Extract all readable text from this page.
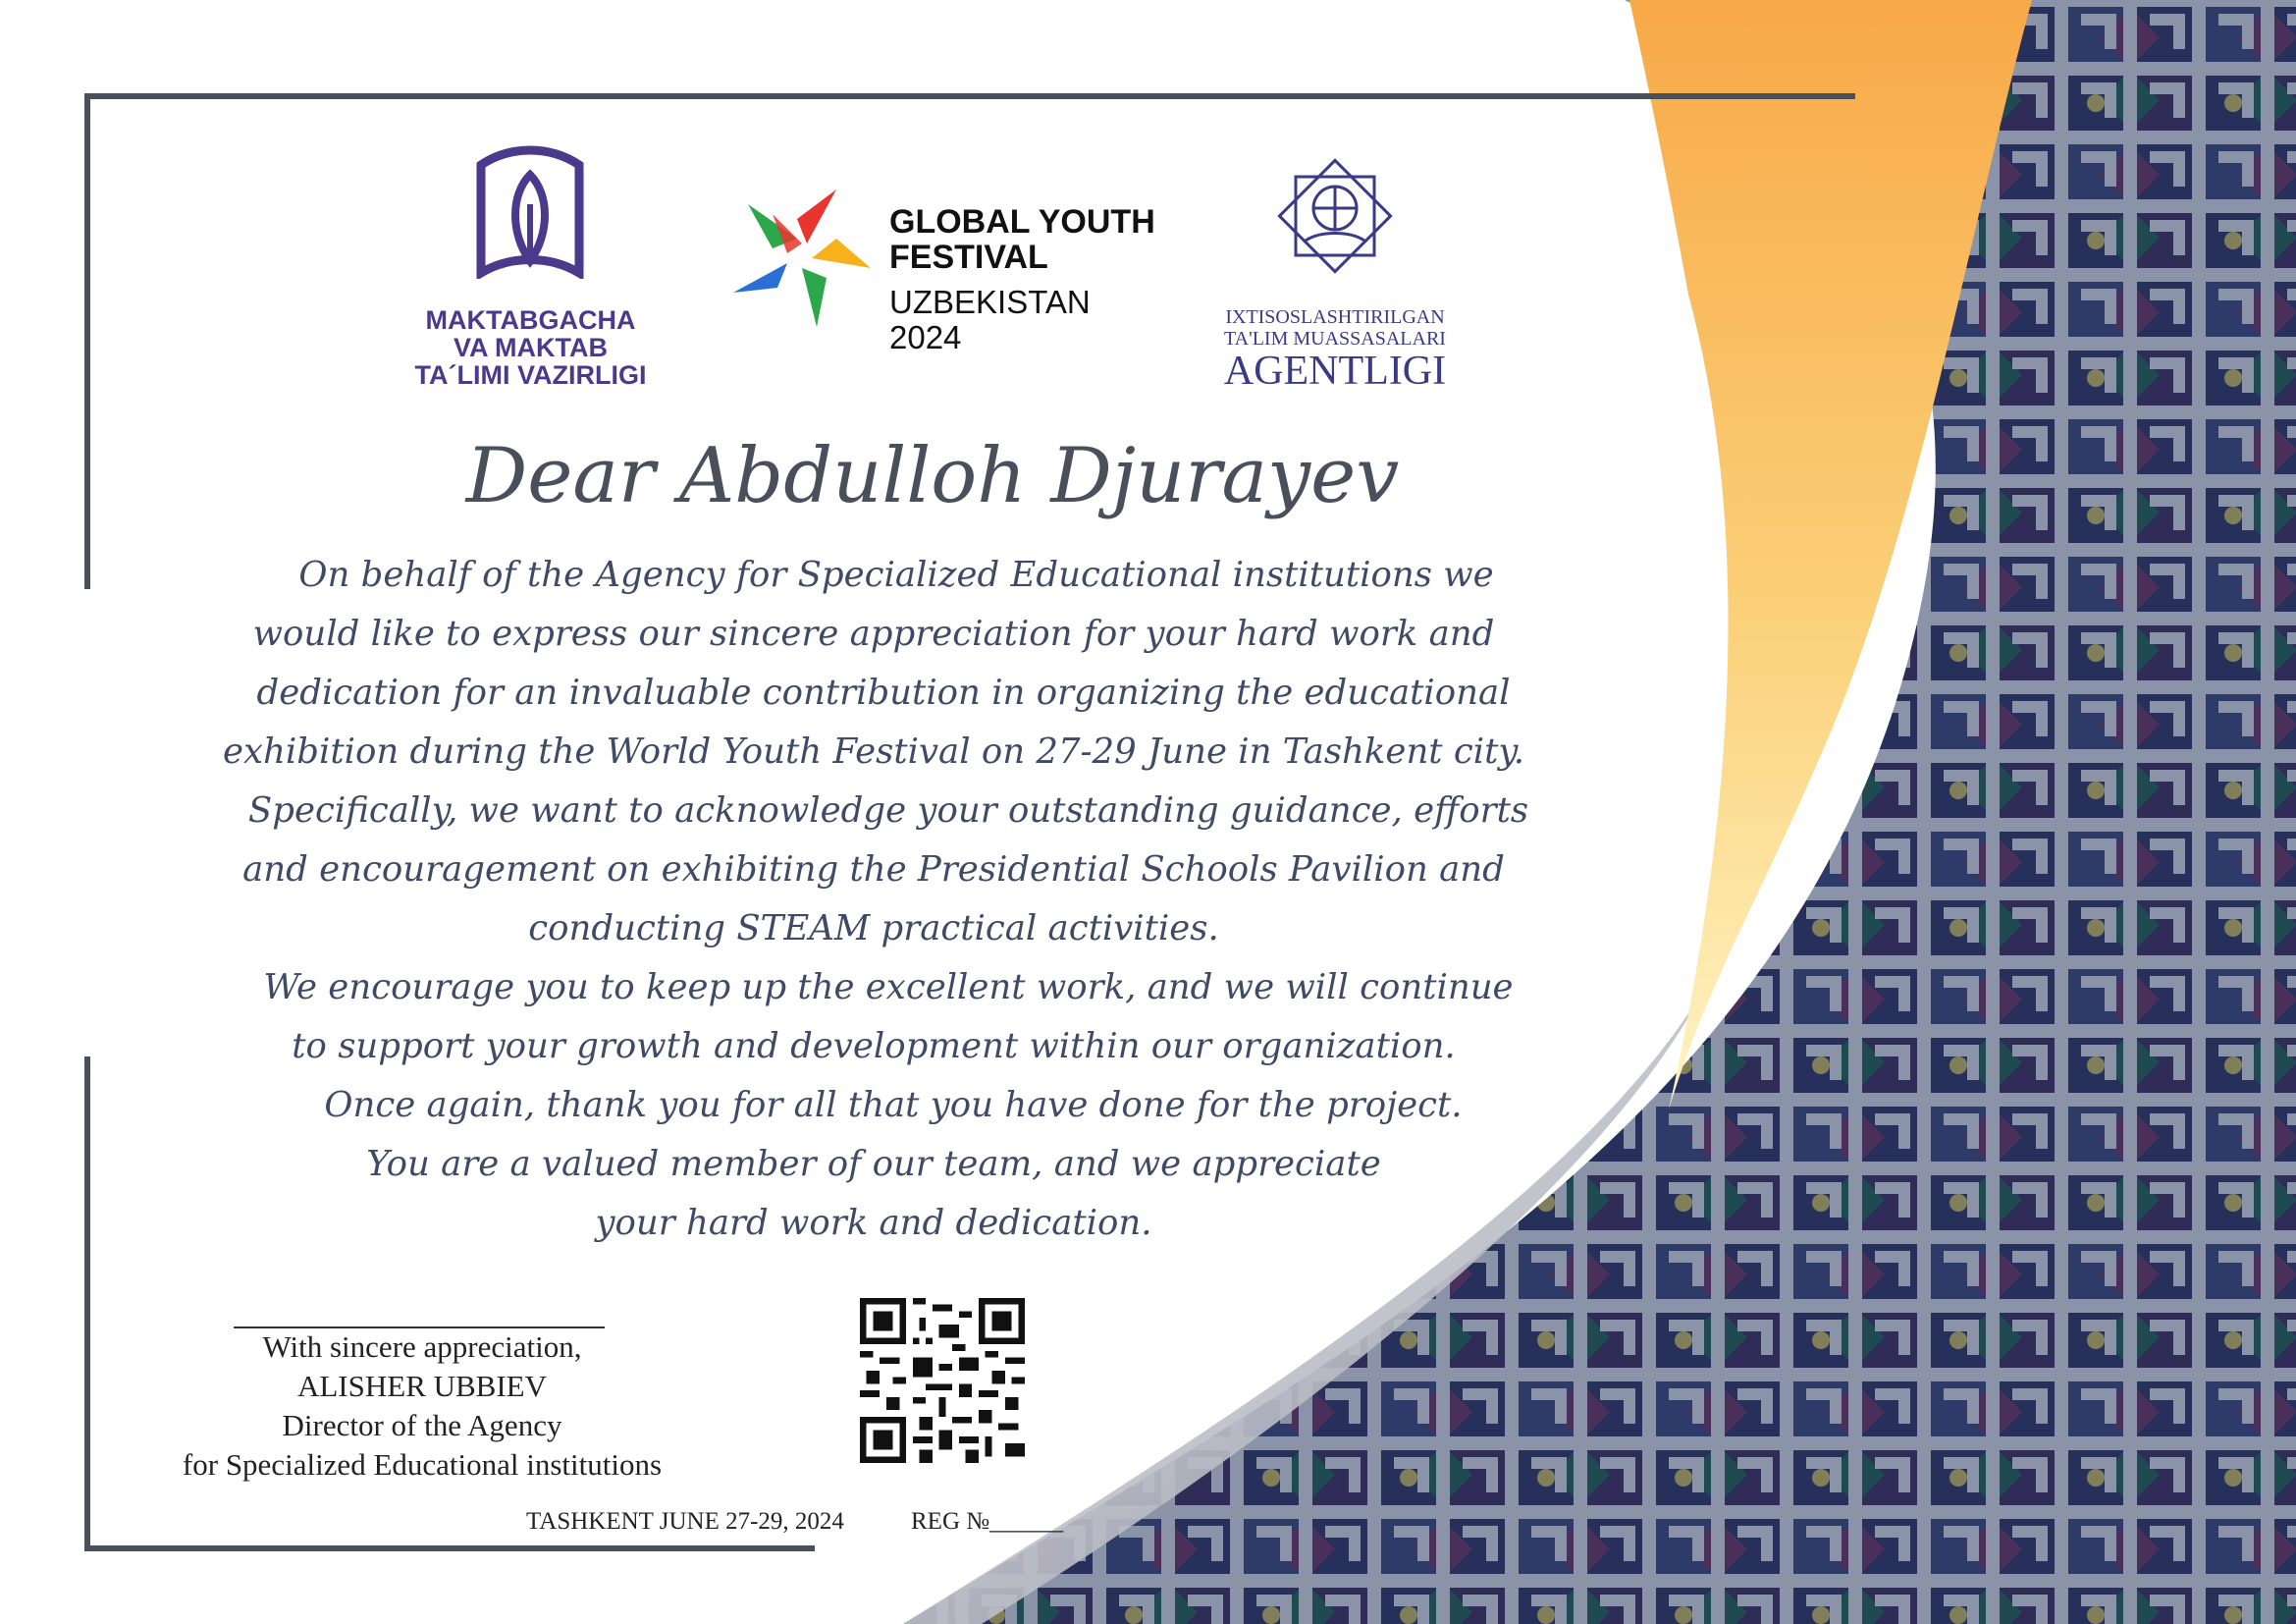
MAKTABGACHA
VA MAKTAB
TA´LIMI VAZIRLIGI
GLOBAL YOUTH
FESTIVAL
UZBEKISTAN
2024
IXTISOSLASHTIRILGAN
TA'LIM MUASSASALARI
AGENTLIGI
Dear Abdulloh Djurayev

On behalf of the Agency for Specialized Educational institutions we

would like to express our sincere appreciation for your hard work and

dedication for an invaluable contribution in organizing the educational

exhibition during the World Youth Festival on 27-29 June in Tashkent city.

Specifically, we want to acknowledge your outstanding guidance, efforts

and encouragement on exhibiting the Presidential Schools Pavilion and

conducting STEAM practical activities.

We encourage you to keep up the excellent work, and we will continue

to support your growth and development within our organization.

Once again, thank you for all that you have done for the project.

You are a valued member of our team, and we appreciate

your hard work and dedication.

With sincere appreciation,

ALISHER UBBIEV

Director of the Agency

for Specialized Educational institutions

TASHKENT JUNE 27-29, 2024	REG №______
